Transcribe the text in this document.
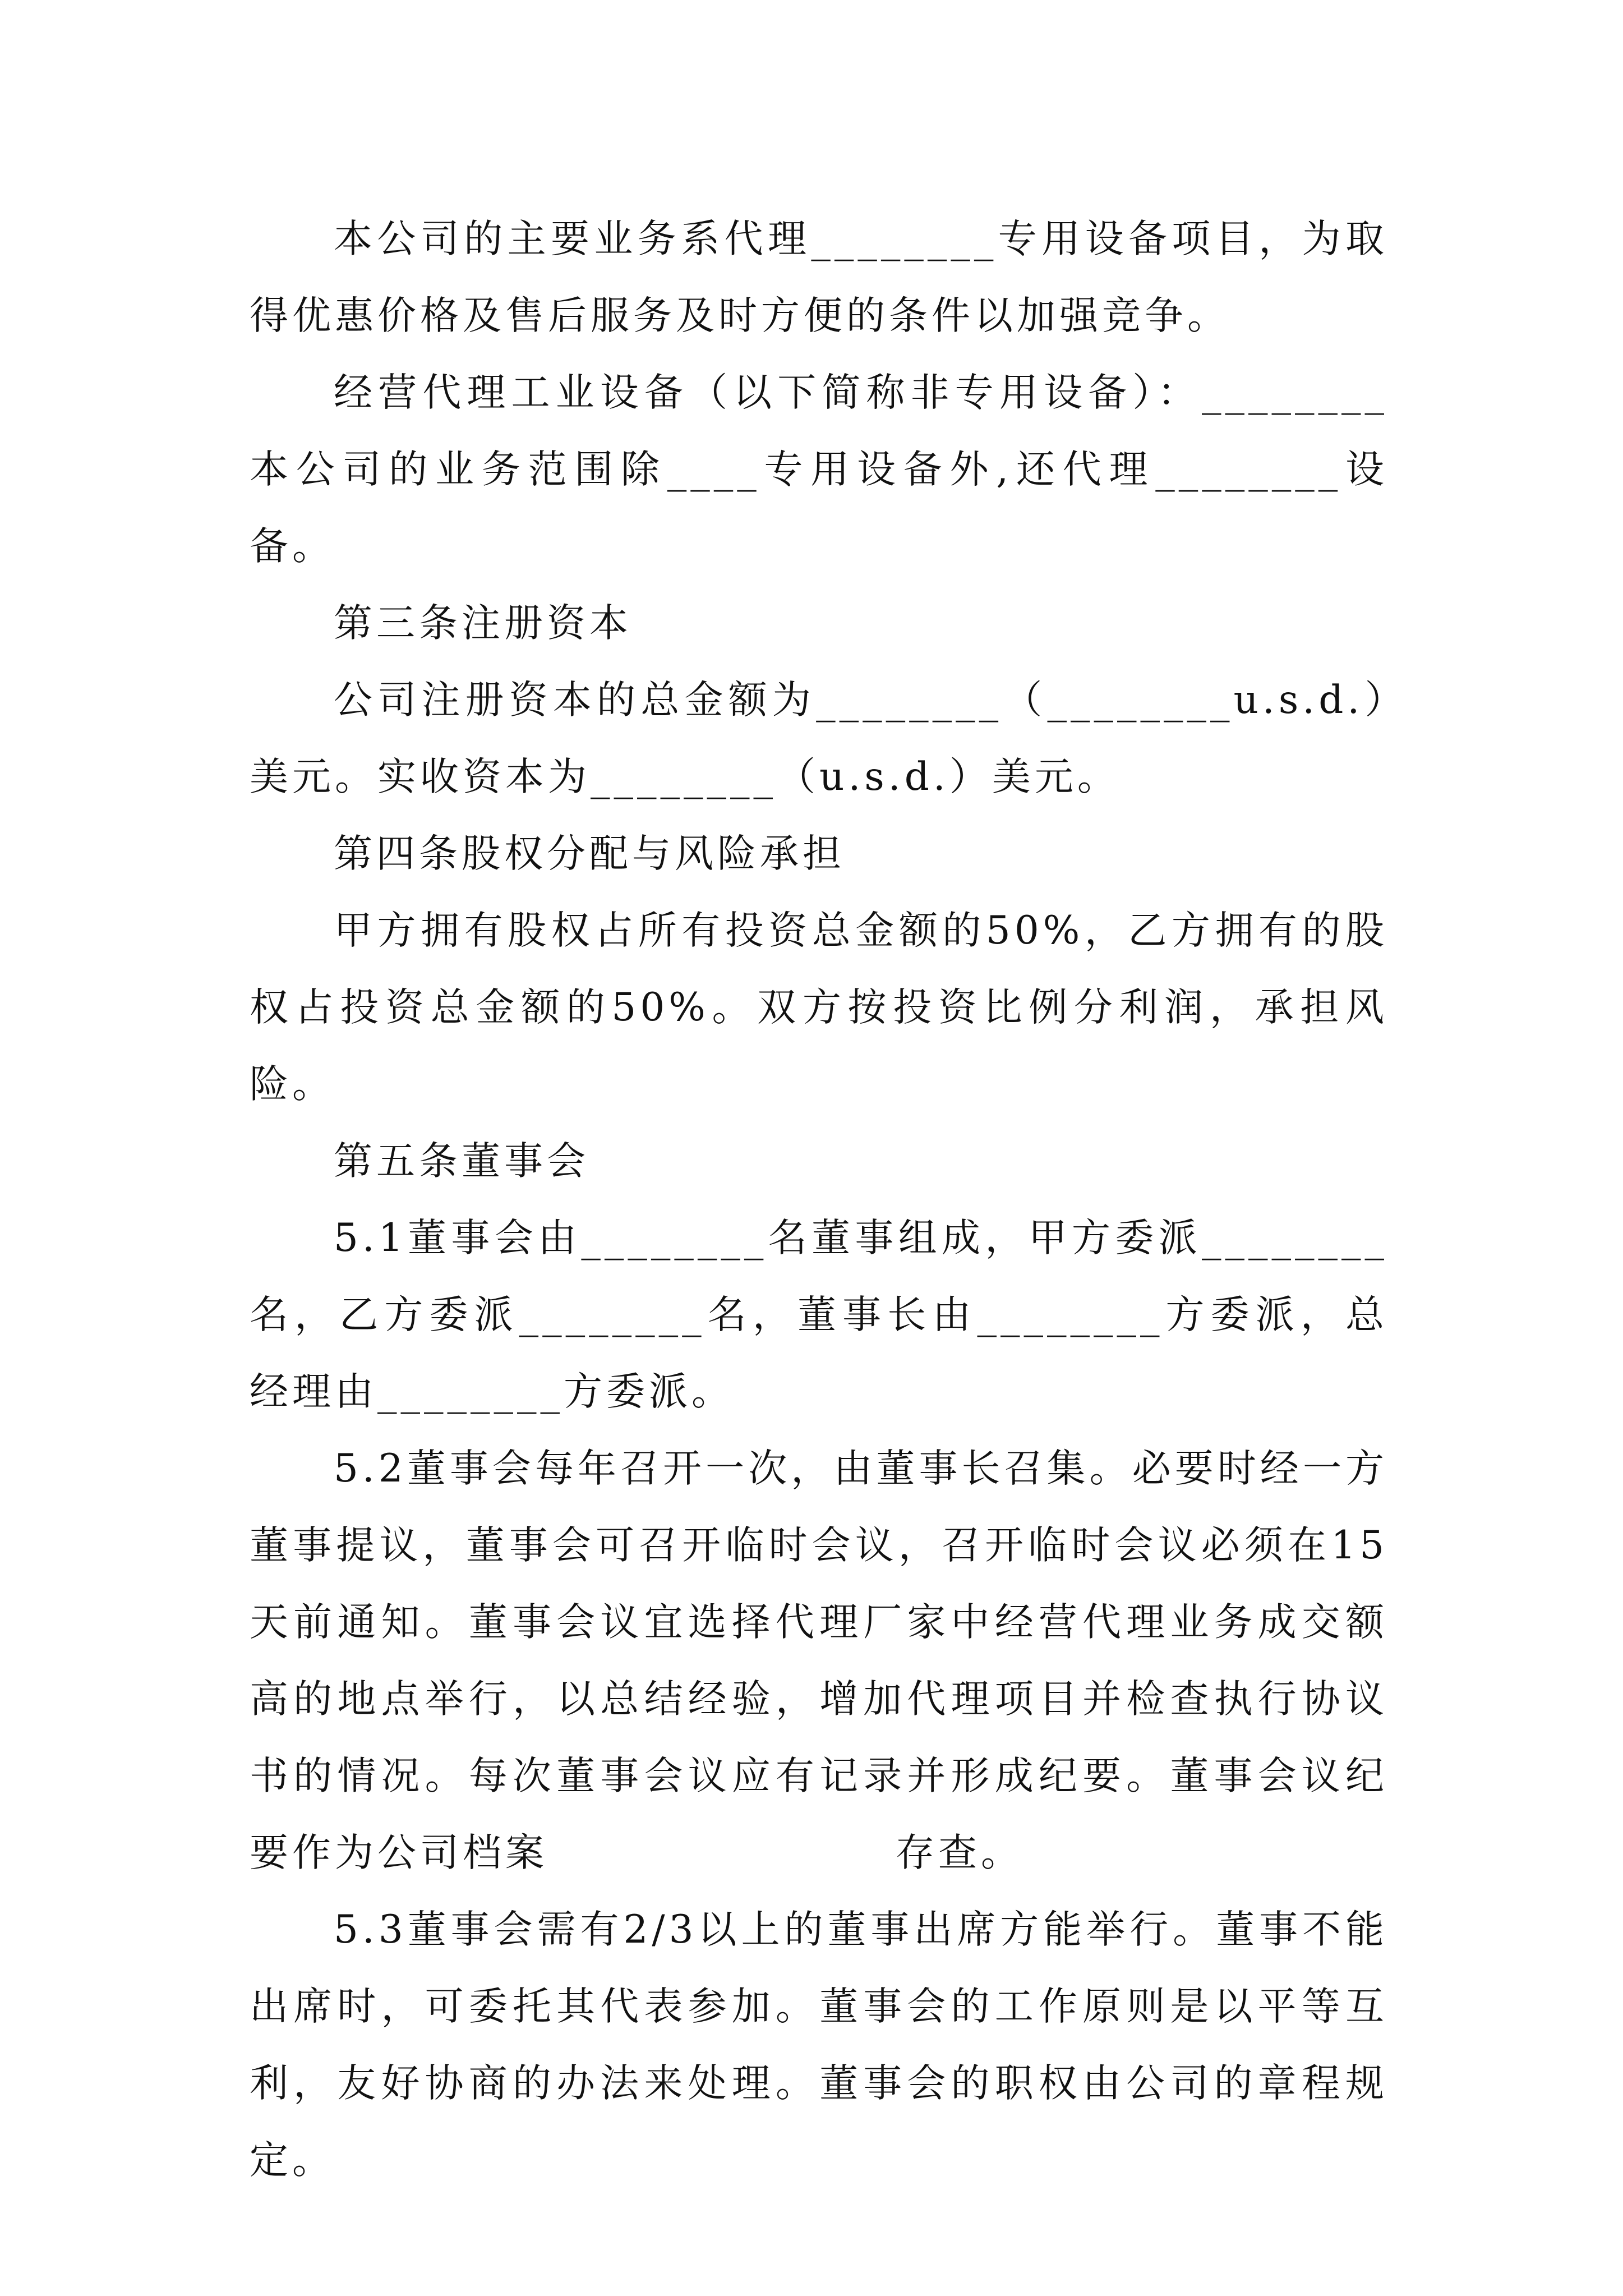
本公司的主要业务系代理________专用设备项目，为取得优惠价格及售后服务及时方便的条件以加强竞争。

经营代理工业设备（以下简称非专用设备）：________本公司的业务范围除____专用设备外,还代理________设备。

第三条注册资本

公司注册资本的总金额为________（________u.s.d.）美元。实收资本为________（u.s.d.）美元。

第四条股权分配与风险承担

甲方拥有股权占所有投资总金额的50%，乙方拥有的股权占投资总金额的50%。双方按投资比例分利润，承担风险。

第五条董事会

5.1董事会由________名董事组成，甲方委派________名，乙方委派________名，董事长由________方委派，总经理由________方委派。

5.2董事会每年召开一次，由董事长召集。必要时经一方董事提议，董事会可召开临时会议，召开临时会议必须在15天前通知。董事会议宜选择代理厂家中经营代理业务成交额高的地点举行，以总结经验，增加代理项目并检查执行协议书的情况。每次董事会议应有记录并形成纪要。董事会议纪要作为公司档案	存查。

5.3董事会需有2/3以上的董事出席方能举行。董事不能出席时，可委托其代表参加。董事会的工作原则是以平等互利，友好协商的办法来处理。董事会的职权由公司的章程规定。
